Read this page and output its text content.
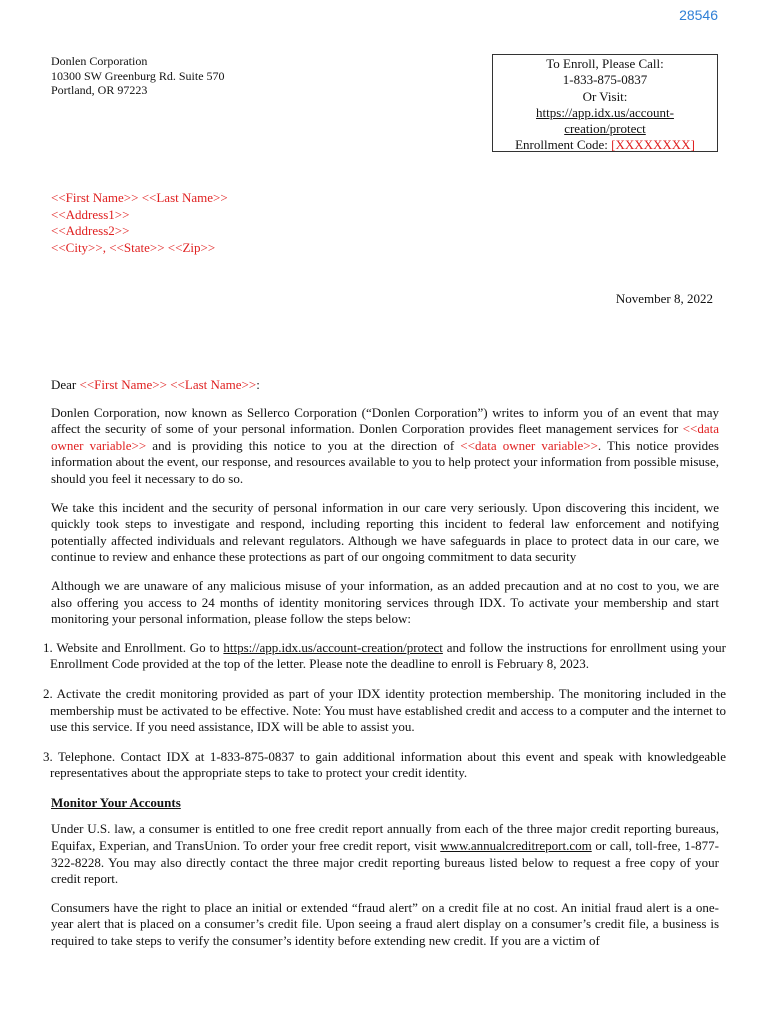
28546
Donlen Corporation
10300 SW Greenburg Rd. Suite 570
Portland, OR 97223
To Enroll, Please Call:
1-833-875-0837
Or Visit:
https://app.idx.us/account-
creation/protect
Enrollment Code: [XXXXXXXX]
<<First Name>> <<Last Name>>
<<Address1>>
<<Address2>>
<<City>>, <<State>> <<Zip>>
November 8, 2022

Dear <<First Name>> <<Last Name>>:

Donlen Corporation, now known as Sellerco Corporation (“Donlen Corporation”) writes to inform you of an event that may affect the security of some of your personal information. Donlen Corporation provides fleet management services for <<data owner variable>> and is providing this notice to you at the direction of <<data owner variable>>. This notice provides information about the event, our response, and resources available to you to help protect your information from possible misuse, should you feel it necessary to do so.

We take this incident and the security of personal information in our care very seriously. Upon discovering this incident, we quickly took steps to investigate and respond, including reporting this incident to federal law enforcement and notifying potentially affected individuals and relevant regulators. Although we have safeguards in place to protect data in our care, we continue to review and enhance these protections as part of our ongoing commitment to data security

Although we are unaware of any malicious misuse of your information, as an added precaution and at no cost to you, we are also offering you access to 24 months of identity monitoring services through IDX. To activate your membership and start monitoring your personal information, please follow the steps below:

1. Website and Enrollment. Go to https://app.idx.us/account-creation/protect and follow the instructions for enrollment using your Enrollment Code provided at the top of the letter. Please note the deadline to enroll is February 8, 2023.

2. Activate the credit monitoring provided as part of your IDX identity protection membership. The monitoring included in the membership must be activated to be effective. Note: You must have established credit and access to a computer and the internet to use this service. If you need assistance, IDX will be able to assist you.

3. Telephone. Contact IDX at 1-833-875-0837 to gain additional information about this event and speak with knowledgeable representatives about the appropriate steps to take to protect your credit identity.

Monitor Your Accounts

Under U.S. law, a consumer is entitled to one free credit report annually from each of the three major credit reporting bureaus, Equifax, Experian, and TransUnion. To order your free credit report, visit www.annualcreditreport.com or call, toll-free, 1-877-322-8228. You may also directly contact the three major credit reporting bureaus listed below to request a free copy of your credit report.

Consumers have the right to place an initial or extended “fraud alert” on a credit file at no cost. An initial fraud alert is a one-year alert that is placed on a consumer’s credit file. Upon seeing a fraud alert display on a consumer’s credit file, a business is required to take steps to verify the consumer’s identity before extending new credit. If you are a victim of
